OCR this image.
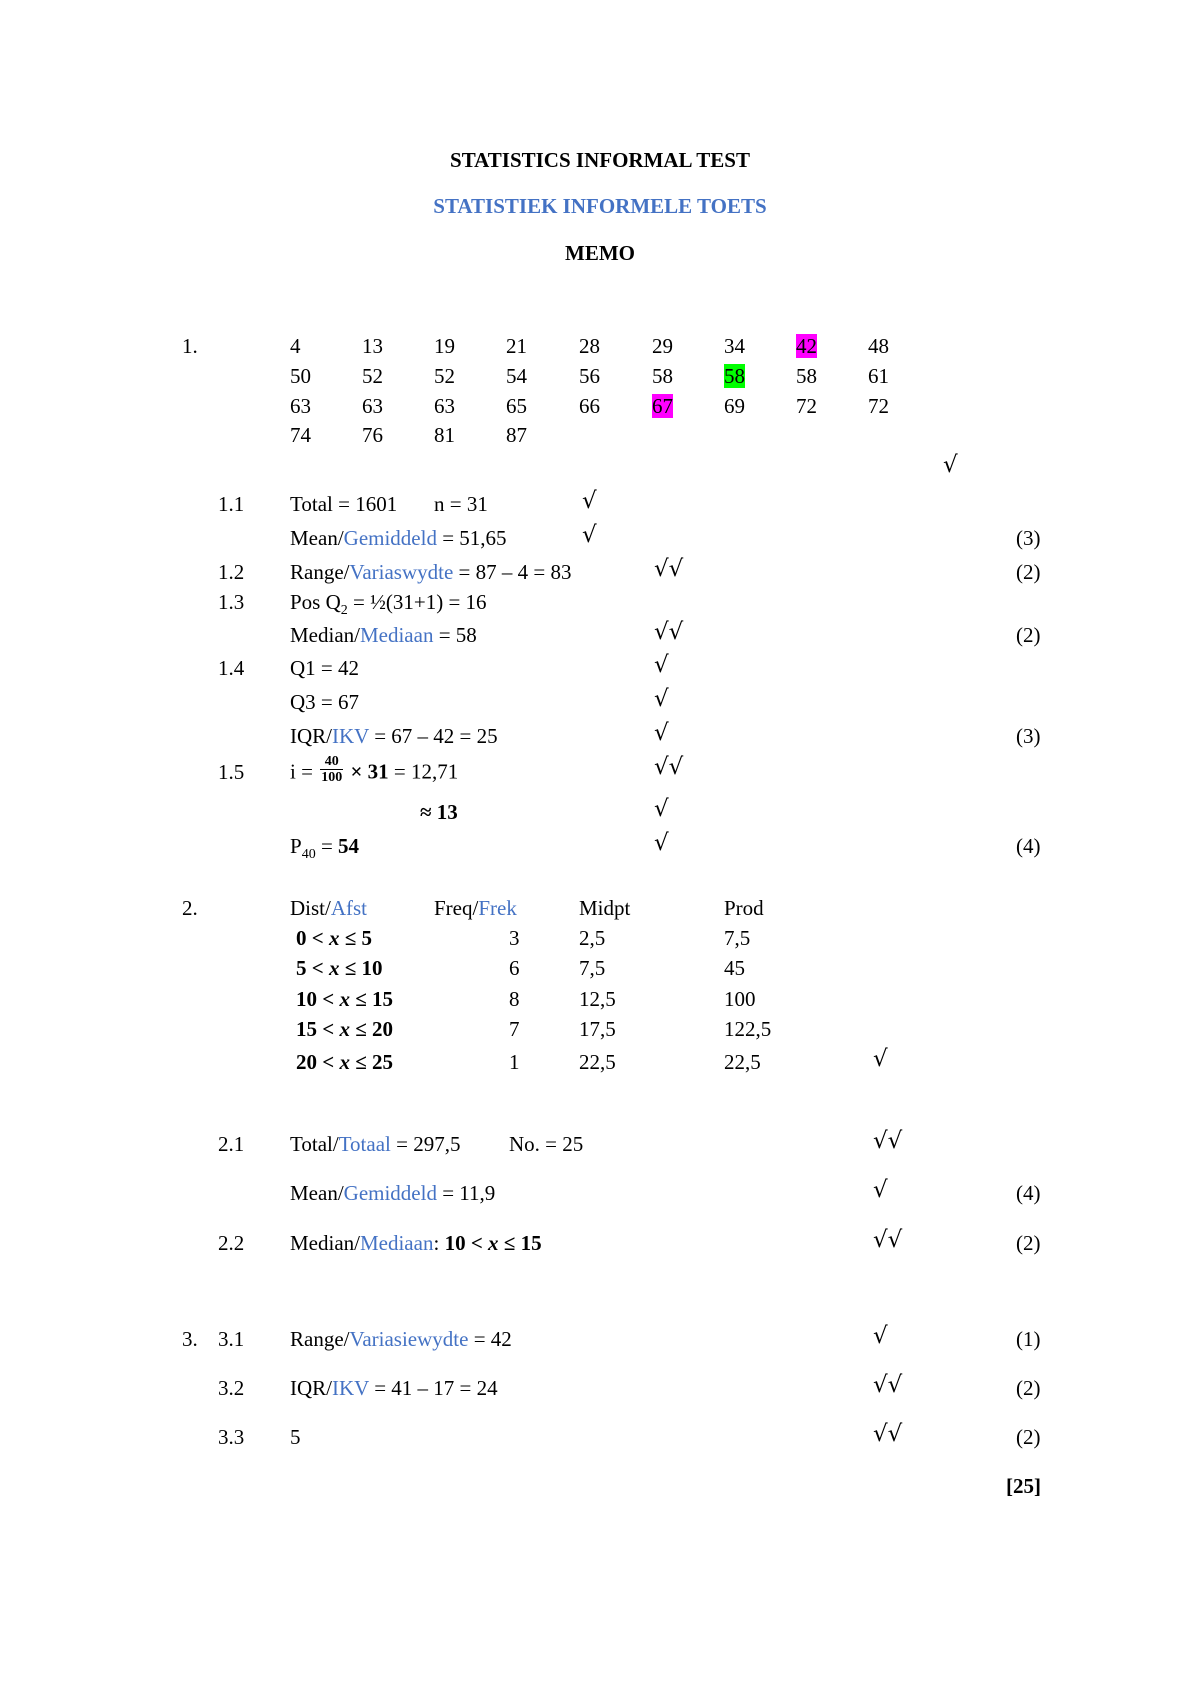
STATISTICS INFORMAL TEST
STATISTIEK INFORMELE TOETS
MEMO
1.	4	13 19 21 28 29 34 42 48
50 52 52 54 56 58 58 58 61
63 63 63 65 66 67 69 72 72
74 76 81 87
√
1.1 Total = 1601 n = 31	√
Mean/Gemiddeld = 51,65	√	(3)
1.2 Range/Variaswydte = 87 – 4 = 83	√√	(2)
1.3 Pos $Q_2$ = ½(31+1) = 16
Median/Mediaan = 58	√√	(2)
1.4 Q1 = 42	√
Q3 = 67	√
IQR/IKV = 67 – 42 = 25	√	(3)
1.5 $i = \frac{40}{100} \times 31 = 12,71$	√√
≈ 13	√
$P_{40} = 54$	√	(4)
2.	Dist/Afst	Freq/Frek	Midpt	Prod
0 < x ≤ 5	3	2,5	7,5
5 < x ≤ 10	6	7,5	45
10 < x ≤ 15	8	12,5	100
15 < x ≤ 20	7	17,5	122,5
20 < x ≤ 25	1	22,5	22,5	√
2.1 Total/Totaal = 297,5 No. = 25	√√
Mean/Gemiddeld = 11,9	√	(4)
2.2 Median/Mediaan: 10 < x ≤ 15	√√	(2)
3. 3.1 Range/Variasiewydte = 42	√	(1)
3.2 IQR/IKV = 41 – 17 = 24	√√	(2)
3.3 5	√√	(2)
[25]
